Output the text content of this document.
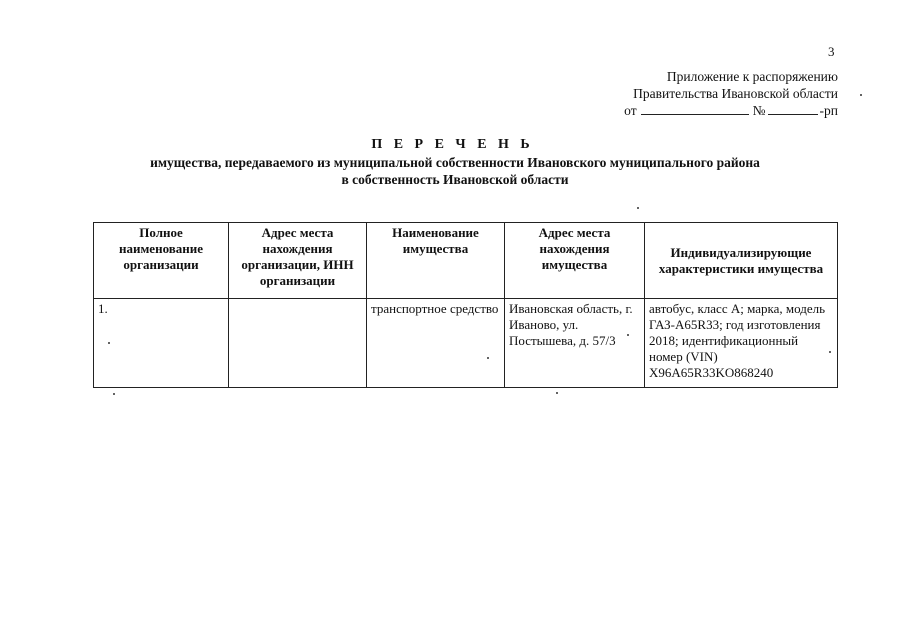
3
Приложение к распоряжению
Правительства Ивановской области
от	№	-рп
П Е Р Е Ч Е Н Ь
имущества, передаваемого из муниципальной собственности Ивановского муниципального района
в собственность Ивановской области
Полное наименование организации	Адрес места нахождения организации, ИНН организации	Наименование имущества	Адрес места нахождения имущества	Индивидуализирующие характеристики имущества
1.		транспортное средство	Ивановская область, г. Иваново, ул. Постышева, д. 57/3	автобус, класс А; марка, модель ГАЗ-А65R33; год изготовления 2018; идентификационный номер (VIN) X96A65R33KO868240
